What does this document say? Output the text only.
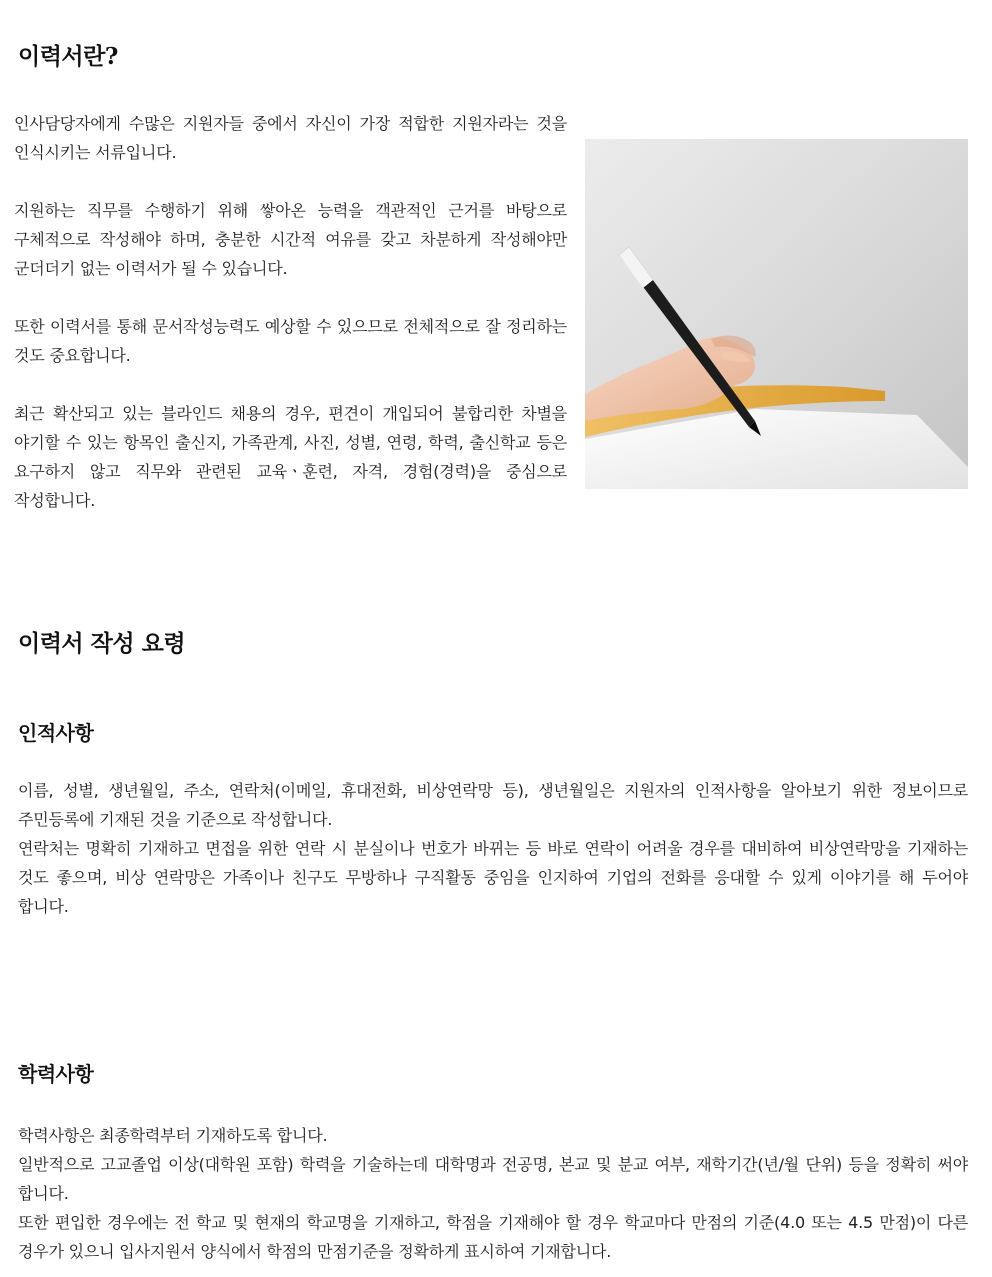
이력서란?

인사담당자에게 수많은 지원자들 중에서 자신이 가장 적합한 지원자라는 것을 인식시키는 서류입니다.

지원하는 직무를 수행하기 위해 쌓아온 능력을 객관적인 근거를 바탕으로 구체적으로 작성해야 하며, 충분한 시간적 여유를 갖고 차분하게 작성해야만 군더더기 없는 이력서가 될 수 있습니다.

또한 이력서를 통해 문서작성능력도 예상할 수 있으므로 전체적으로 잘 정리하는 것도 중요합니다.

최근 확산되고 있는 블라인드 채용의 경우, 편견이 개입되어 불합리한 차별을 야기할 수 있는 항목인 출신지, 가족관계, 사진, 성별, 연령, 학력, 출신학교 등은 요구하지 않고 직무와 관련된 교육ㆍ훈련, 자격, 경험(경력)을 중심으로 작성합니다.

이력서 작성 요령
인적사항

이름, 성별, 생년월일, 주소, 연락처(이메일, 휴대전화, 비상연락망 등), 생년월일은 지원자의 인적사항을 알아보기 위한 정보이므로 주민등록에 기재된 것을 기준으로 작성합니다.

연락처는 명확히 기재하고 면접을 위한 연락 시 분실이나 번호가 바뀌는 등 바로 연락이 어려울 경우를 대비하여 비상연락망을 기재하는 것도 좋으며, 비상 연락망은 가족이나 친구도 무방하나 구직활동 중임을 인지하여 기업의 전화를 응대할 수 있게 이야기를 해 두어야 합니다.

학력사항

학력사항은 최종학력부터 기재하도록 합니다.

일반적으로 고교졸업 이상(대학원 포함) 학력을 기술하는데 대학명과 전공명, 본교 및 분교 여부, 재학기간(년/월 단위) 등을 정확히 써야 합니다.

또한 편입한 경우에는 전 학교 및 현재의 학교명을 기재하고, 학점을 기재해야 할 경우 학교마다 만점의 기준(4.0 또는 4.5 만점)이 다른 경우가 있으니 입사지원서 양식에서 학점의 만점기준을 정확하게 표시하여 기재합니다.
